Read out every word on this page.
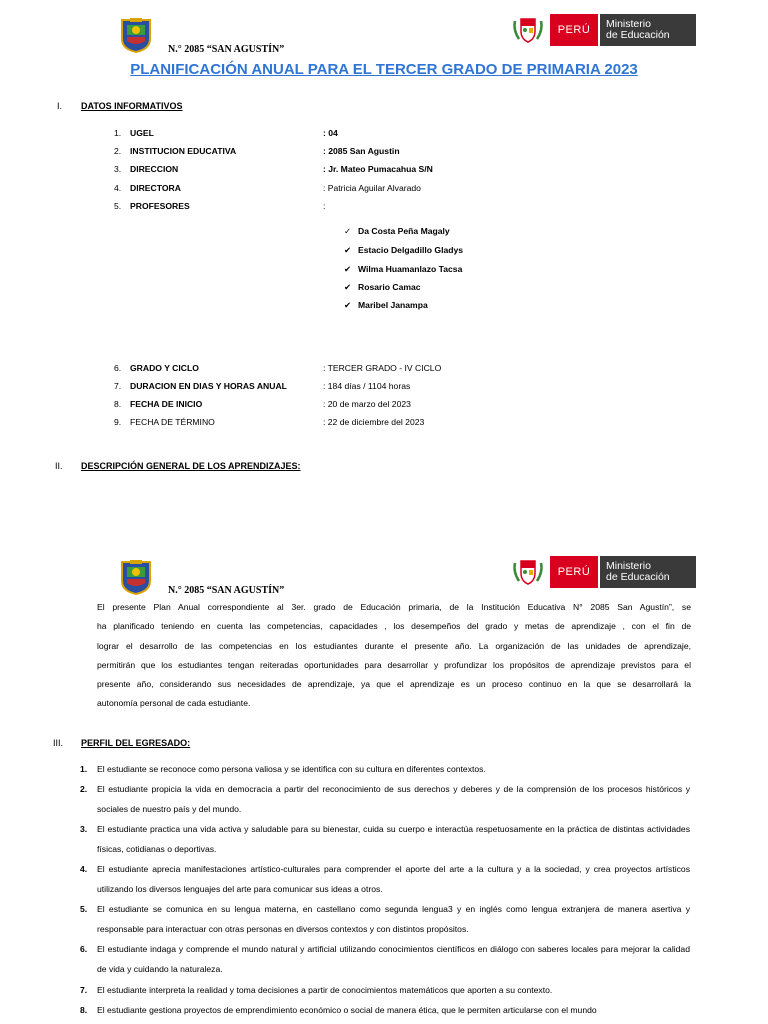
N.° 2085 “SAN AGUSTÍN”
PERÚ	Ministerio
de Educación
PLANIFICACIÓN ANUAL PARA EL TERCER GRADO DE PRIMARIA 2023
I. DATOS INFORMATIVOS
1. UGEL	: 04
2. INSTITUCION EDUCATIVA	: 2085 San Agustin
3. DIRECCION	: Jr. Mateo Pumacahua S/N
4. DIRECTORA	: Patricia Aguilar Alvarado
5. PROFESORES	:
✓ Da Costa Peña Magaly
✔ Estacio Delgadillo Gladys
✔ Wilma Huamanlazo Tacsa
✔ Rosario Camac
✔ Maribel Janampa
6. GRADO Y CICLO	: TERCER GRADO - IV CICLO
7. DURACION EN DIAS Y HORAS ANUAL	: 184 días / 1104 horas
8. FECHA DE INICIO	: 20 de marzo del 2023
9. FECHA DE TÉRMINO	: 22 de diciembre del 2023
II. DESCRIPCIÓN GENERAL DE LOS APRENDIZAJES:
N.° 2085 “SAN AGUSTÍN”
PERÚ	Ministerio
de Educación
El presente Plan Anual correspondiente al 3er. grado de Educación primaria, de la Institución Educativa N° 2085 San Agustín”, se
ha planificado teniendo en cuenta las competencias, capacidades , los desempeños del grado y metas de aprendizaje , con el fin de
lograr el desarrollo de las competencias en los estudiantes durante el presente año. La organización de las unidades de aprendizaje,
permitirán que los estudiantes tengan reiteradas oportunidades para desarrollar y profundizar los propósitos de aprendizaje previstos para el
presente año, considerando sus necesidades de aprendizaje, ya que el aprendizaje es un proceso continuo en la que se desarrollará la
autonomía personal de cada estudiante.
III. PERFIL DEL EGRESADO:
1. El estudiante se reconoce como persona valiosa y se identifica con su cultura en diferentes contextos.
2. El estudiante propicia la vida en democracia a partir del reconocimiento de sus derechos y deberes y de la comprensión de los procesos históricos y sociales de nuestro país y del mundo.
3. El estudiante practica una vida activa y saludable para su bienestar, cuida su cuerpo e interactúa respetuosamente en la práctica de distintas actividades físicas, cotidianas o deportivas.
4. El estudiante aprecia manifestaciones artístico-culturales para comprender el aporte del arte a la cultura y a la sociedad, y crea proyectos artísticos utilizando los diversos lenguajes del arte para comunicar sus ideas a otros.
5. El estudiante se comunica en su lengua materna, en castellano como segunda lengua3 y en inglés como lengua extranjera de manera asertiva y responsable para interactuar con otras personas en diversos contextos y con distintos propósitos.
6. El estudiante indaga y comprende el mundo natural y artificial utilizando conocimientos científicos en diálogo con saberes locales para mejorar la calidad de vida y cuidando la naturaleza.
7. El estudiante interpreta la realidad y toma decisiones a partir de conocimientos matemáticos que aporten a su contexto.
8. El estudiante gestiona proyectos de emprendimiento económico o social de manera ética, que le permiten articularse con el mundo
